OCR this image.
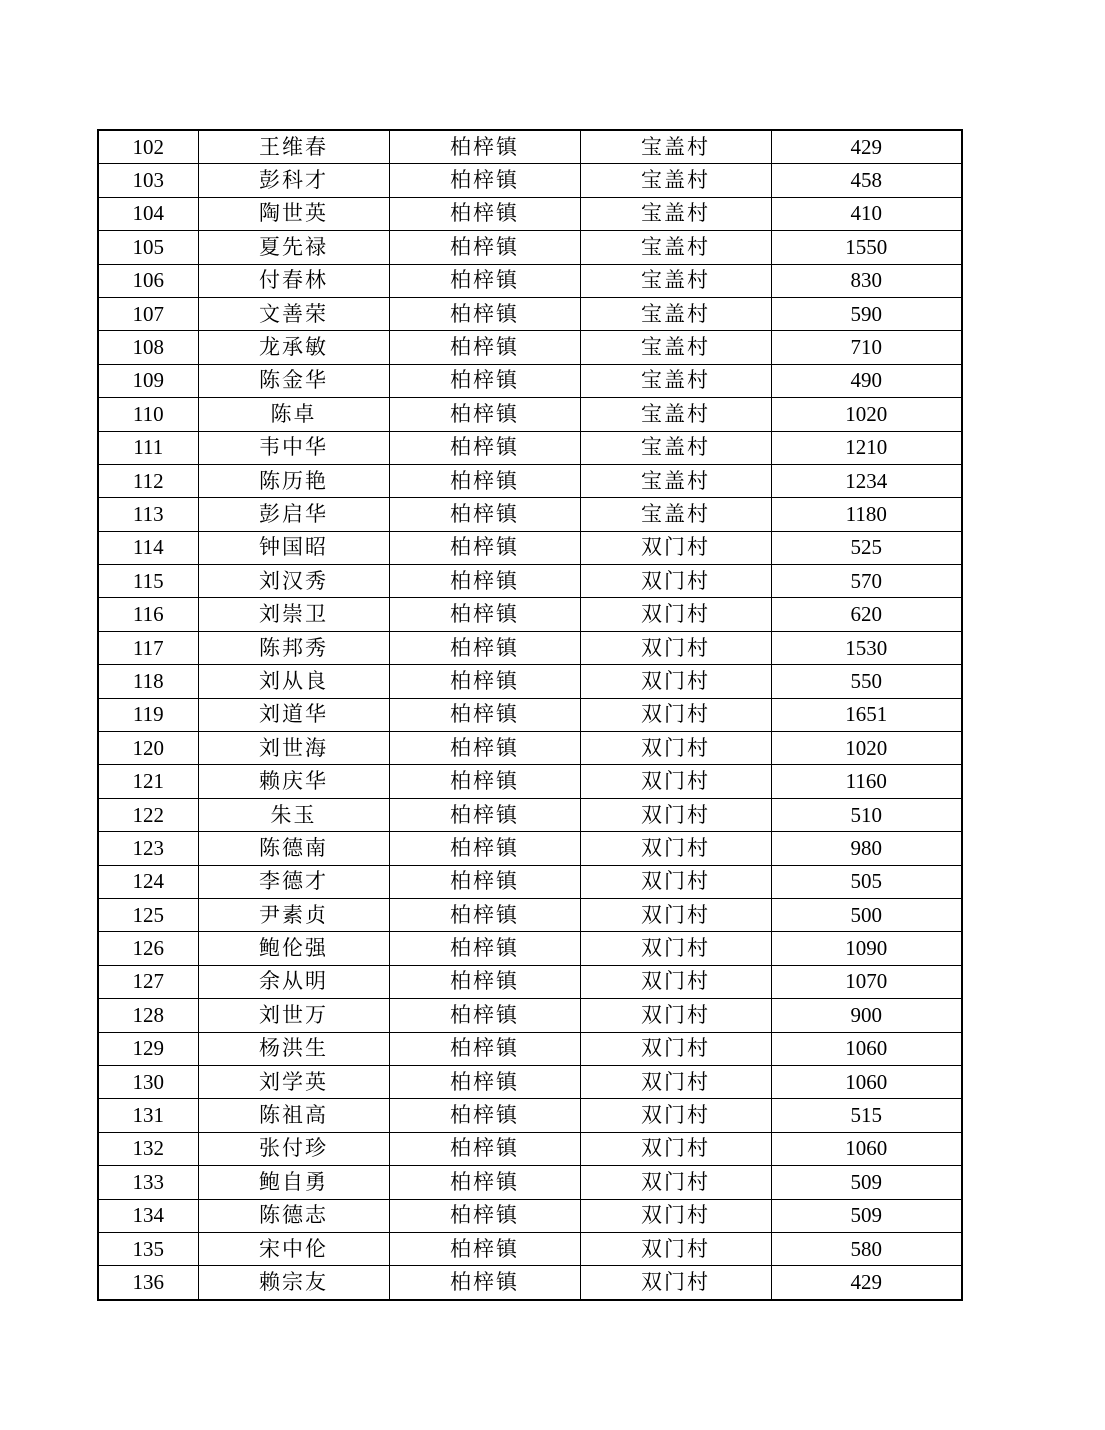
102	王维春	柏梓镇	宝盖村	429
103	彭科才	柏梓镇	宝盖村	458
104	陶世英	柏梓镇	宝盖村	410
105	夏先禄	柏梓镇	宝盖村	1550
106	付春林	柏梓镇	宝盖村	830
107	文善荣	柏梓镇	宝盖村	590
108	龙承敏	柏梓镇	宝盖村	710
109	陈金华	柏梓镇	宝盖村	490
110	陈卓	柏梓镇	宝盖村	1020
111	韦中华	柏梓镇	宝盖村	1210
112	陈历艳	柏梓镇	宝盖村	1234
113	彭启华	柏梓镇	宝盖村	1180
114	钟国昭	柏梓镇	双门村	525
115	刘汉秀	柏梓镇	双门村	570
116	刘崇卫	柏梓镇	双门村	620
117	陈邦秀	柏梓镇	双门村	1530
118	刘从良	柏梓镇	双门村	550
119	刘道华	柏梓镇	双门村	1651
120	刘世海	柏梓镇	双门村	1020
121	赖庆华	柏梓镇	双门村	1160
122	朱玉	柏梓镇	双门村	510
123	陈德南	柏梓镇	双门村	980
124	李德才	柏梓镇	双门村	505
125	尹素贞	柏梓镇	双门村	500
126	鲍伦强	柏梓镇	双门村	1090
127	余从明	柏梓镇	双门村	1070
128	刘世万	柏梓镇	双门村	900
129	杨洪生	柏梓镇	双门村	1060
130	刘学英	柏梓镇	双门村	1060
131	陈祖高	柏梓镇	双门村	515
132	张付珍	柏梓镇	双门村	1060
133	鲍自勇	柏梓镇	双门村	509
134	陈德志	柏梓镇	双门村	509
135	宋中伦	柏梓镇	双门村	580
136	赖宗友	柏梓镇	双门村	429
